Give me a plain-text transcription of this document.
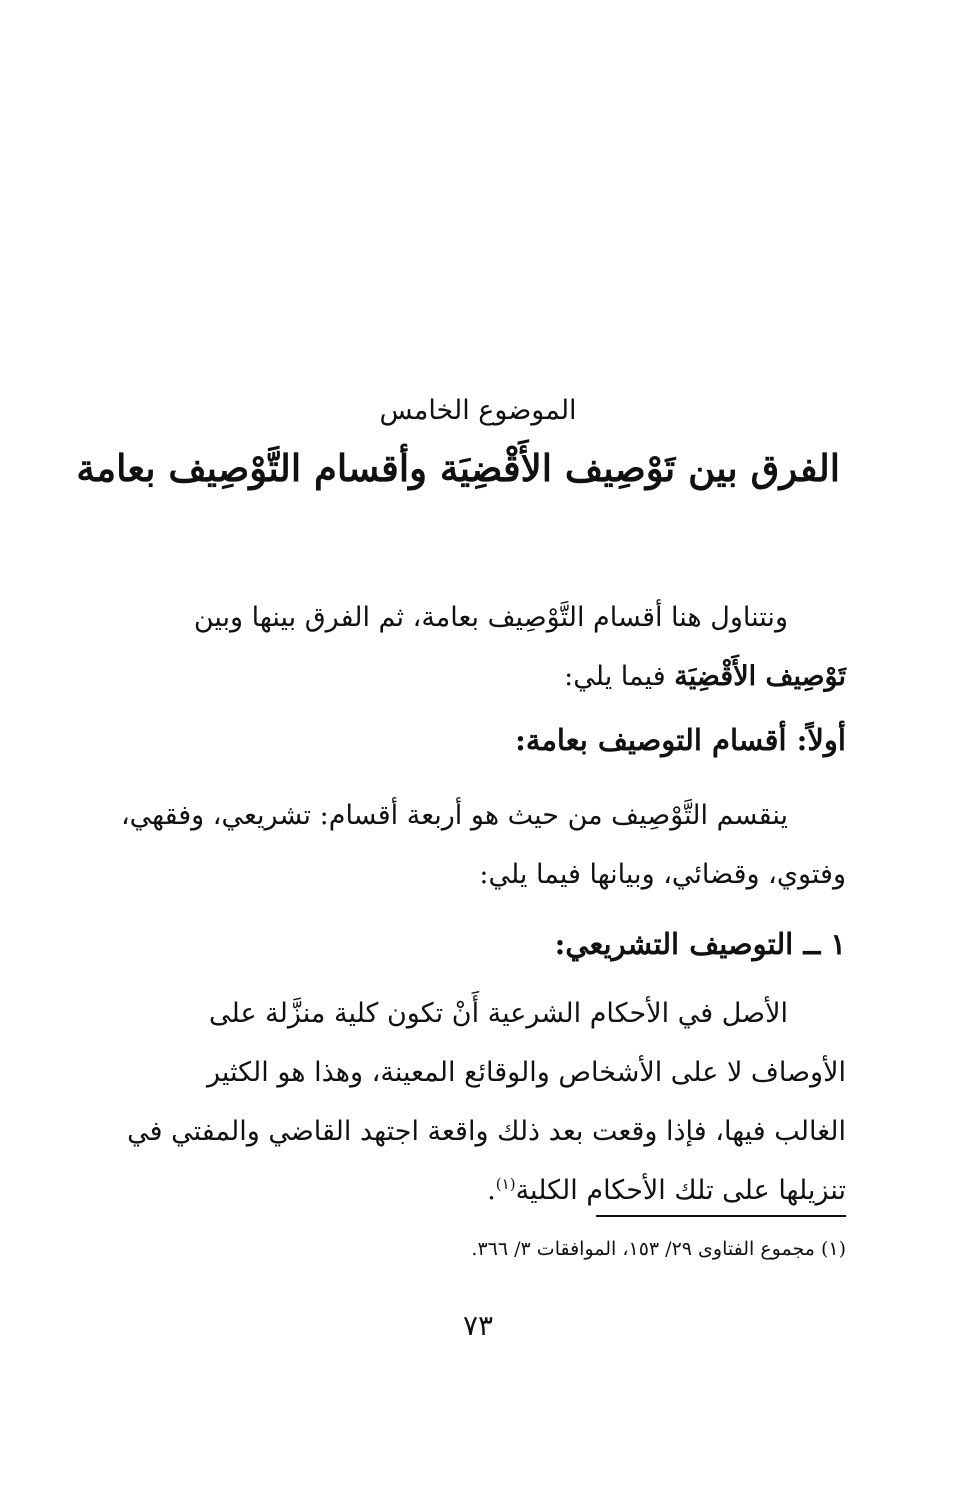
الموضوع الخامس
الفرق بين تَوْصِيف الأَقْضِيَة وأقسام التَّوْصِيف بعامة
ونتناول هنا أقسام التَّوْصِيف بعامة، ثم الفرق بينها وبين
تَوْصِيف الأَقْضِيَة فيما يلي:
أولاً: أقسام التوصيف بعامة:
ينقسم التَّوْصِيف من حيث هو أربعة أقسام: تشريعي، وفقهي،
وفتوي، وقضائي، وبيانها فيما يلي:
١ ــ التوصيف التشريعي:
الأصل في الأحكام الشرعية أَنْ تكون كلية منزَّلة على
الأوصاف لا على الأشخاص والوقائع المعينة، وهذا هو الكثير
الغالب فيها، فإذا وقعت بعد ذلك واقعة اجتهد القاضي والمفتي في
تنزيلها على تلك الأحكام الكلية$^{(١)}$.
(١) مجموع الفتاوى ٢٩/ ١٥٣، الموافقات ٣/ ٣٦٦.
٧٣
